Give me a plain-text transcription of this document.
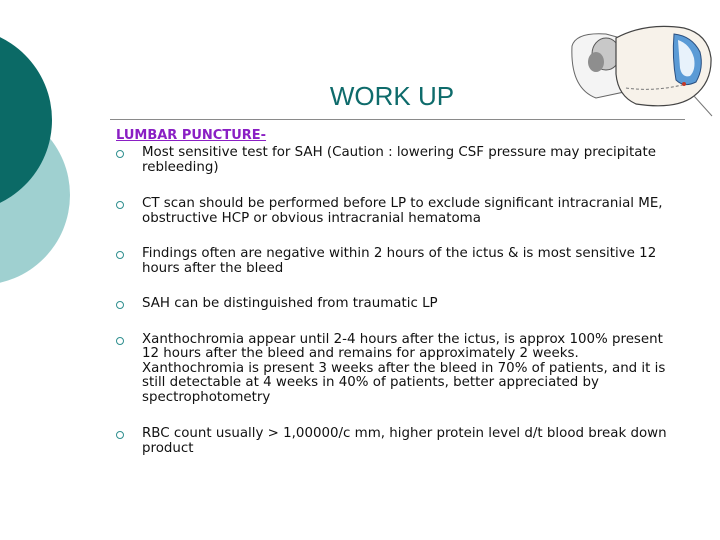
WORK UP
LUMBAR PUNCTURE-
Most sensitive test for SAH (Caution : lowering CSF pressure may precipitate rebleeding)
CT scan should be performed before LP to exclude significant intracranial ME, obstructive HCP or obvious intracranial hematoma
Findings often are negative within 2 hours of the ictus & is most sensitive 12 hours after the bleed
SAH can be distinguished from traumatic LP
Xanthochromia appear until 2-4 hours after the ictus, is approx 100% present 12 hours after the bleed and remains for approximately 2 weeks. Xanthochromia is present 3 weeks after the bleed in 70% of patients, and it is still detectable at 4 weeks in 40% of patients, better appreciated by spectrophotometry
RBC count usually > 1,00000/c mm, higher protein level d/t blood break down product
